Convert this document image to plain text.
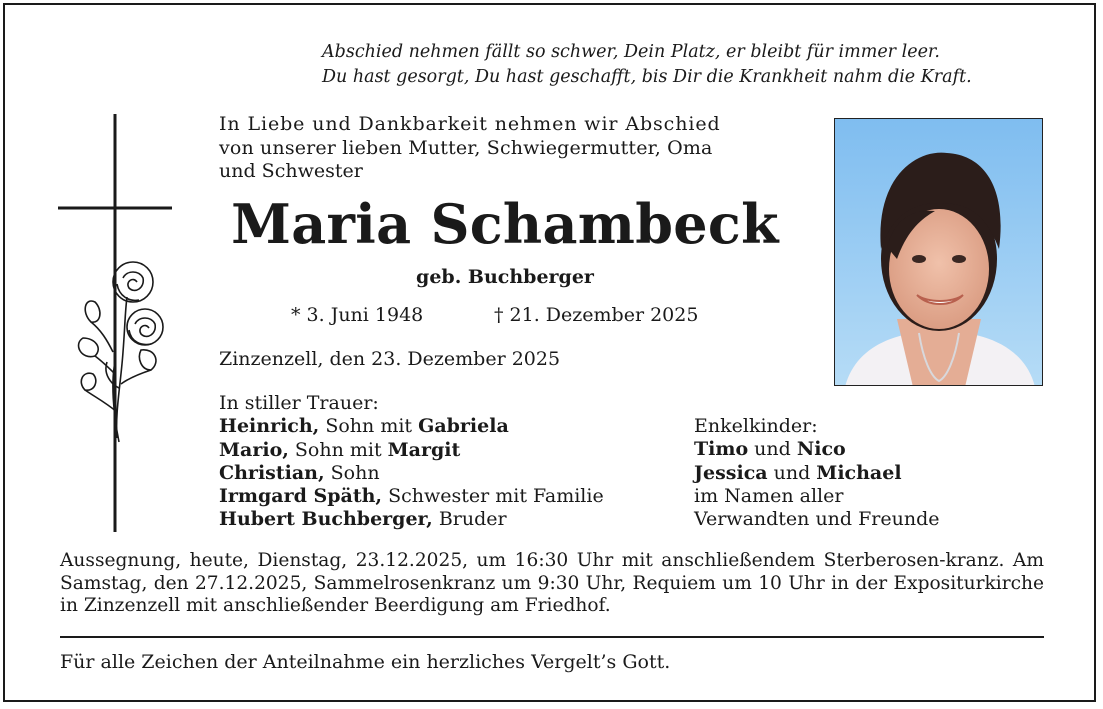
Abschied nehmen fällt so schwer, Dein Platz, er bleibt für immer leer.
Du hast gesorgt, Du hast geschafft, bis Dir die Krankheit nahm die Kraft.
In Liebe und Dankbarkeit nehmen wir Abschied
von unserer lieben Mutter, Schwiegermutter, Oma
und Schwester
Maria Schambeck
geb. Buchberger
* 3. Juni 1948	† 21. Dezember 2025
Zinzenzell, den 23. Dezember 2025
In stiller Trauer:
Heinrich, Sohn mit Gabriela
Mario, Sohn mit Margit
Christian, Sohn
Irmgard Späth, Schwester mit Familie
Hubert Buchberger, Bruder
Enkelkinder:
Timo und Nico
Jessica und Michael
im Namen aller
Verwandten und Freunde
Aussegnung, heute, Dienstag, 23.12.2025, um 16:30 Uhr mit anschließendem Sterberosen-kranz. Am Samstag, den 27.12.2025, Sammelrosenkranz um 9:30 Uhr, Requiem um 10 Uhr in der Expositurkirche in Zinzenzell mit anschließender Beerdigung am Friedhof.
Für alle Zeichen der Anteilnahme ein herzliches Vergelt’s Gott.
